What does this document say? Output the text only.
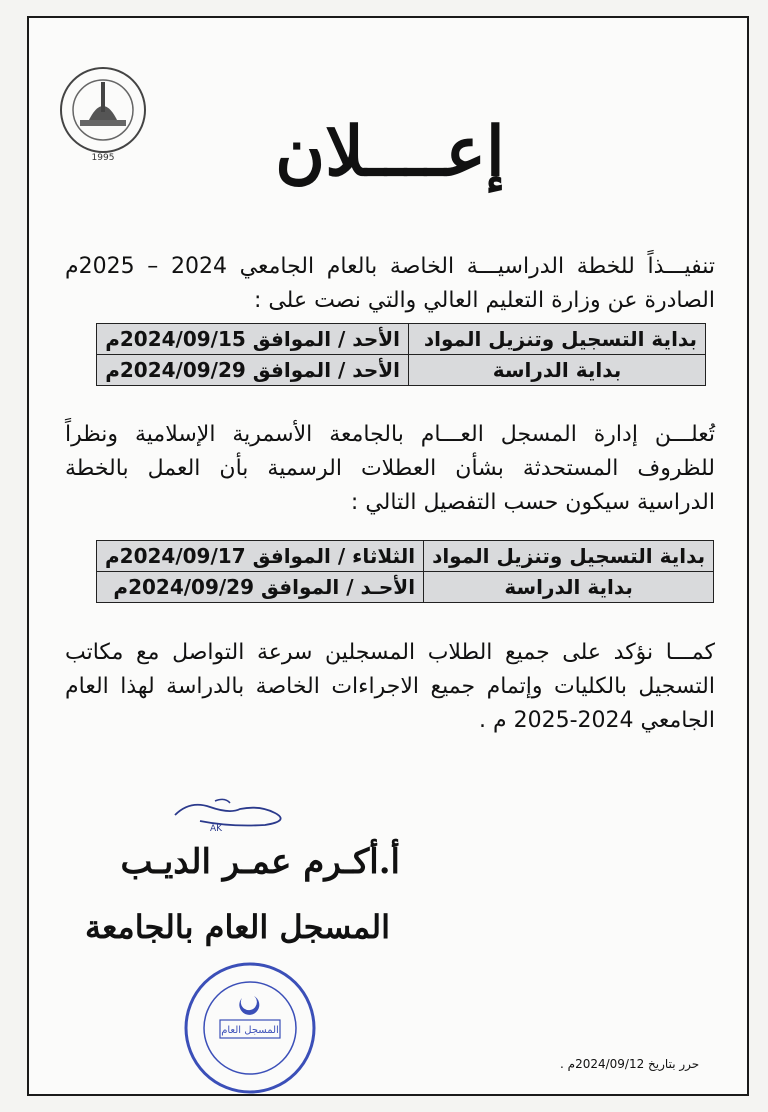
1995	إعــــلان
تنفيـــذاً للخطة الدراسيـــة الخاصة بالعام الجامعي 2024 – 2025م الصادرة عن وزارة التعليم العالي والتي نصت على :
بداية التسجيل وتنزيل المواد	الأحد / الموافق 2024/09/15م
بداية الدراسة	الأحد / الموافق 2024/09/29م
تُعلـــن إدارة المسجل العـــام بالجامعة الأسمرية الإسلامية ونظراً للظروف المستحدثة بشأن العطلات الرسمية بأن العمل بالخطة الدراسية سيكون حسب التفصيل التالي :
بداية التسجيل وتنزيل المواد	الثلاثاء / الموافق 2024/09/17م
بداية الدراسة	الأحـد / الموافق 2024/09/29م
كمـــا نؤكد على جميع الطلاب المسجلين سرعة التواصل مع مكاتب التسجيل بالكليات وإتمام جميع الاجراءات الخاصة بالدراسة لهذا العام الجامعي 2024-2025 م .
AK
أ.أكـرم عمـر الديـب
المسجل العام بالجامعة
المسجل العام
حرر بتاريخ 2024/09/12م .
